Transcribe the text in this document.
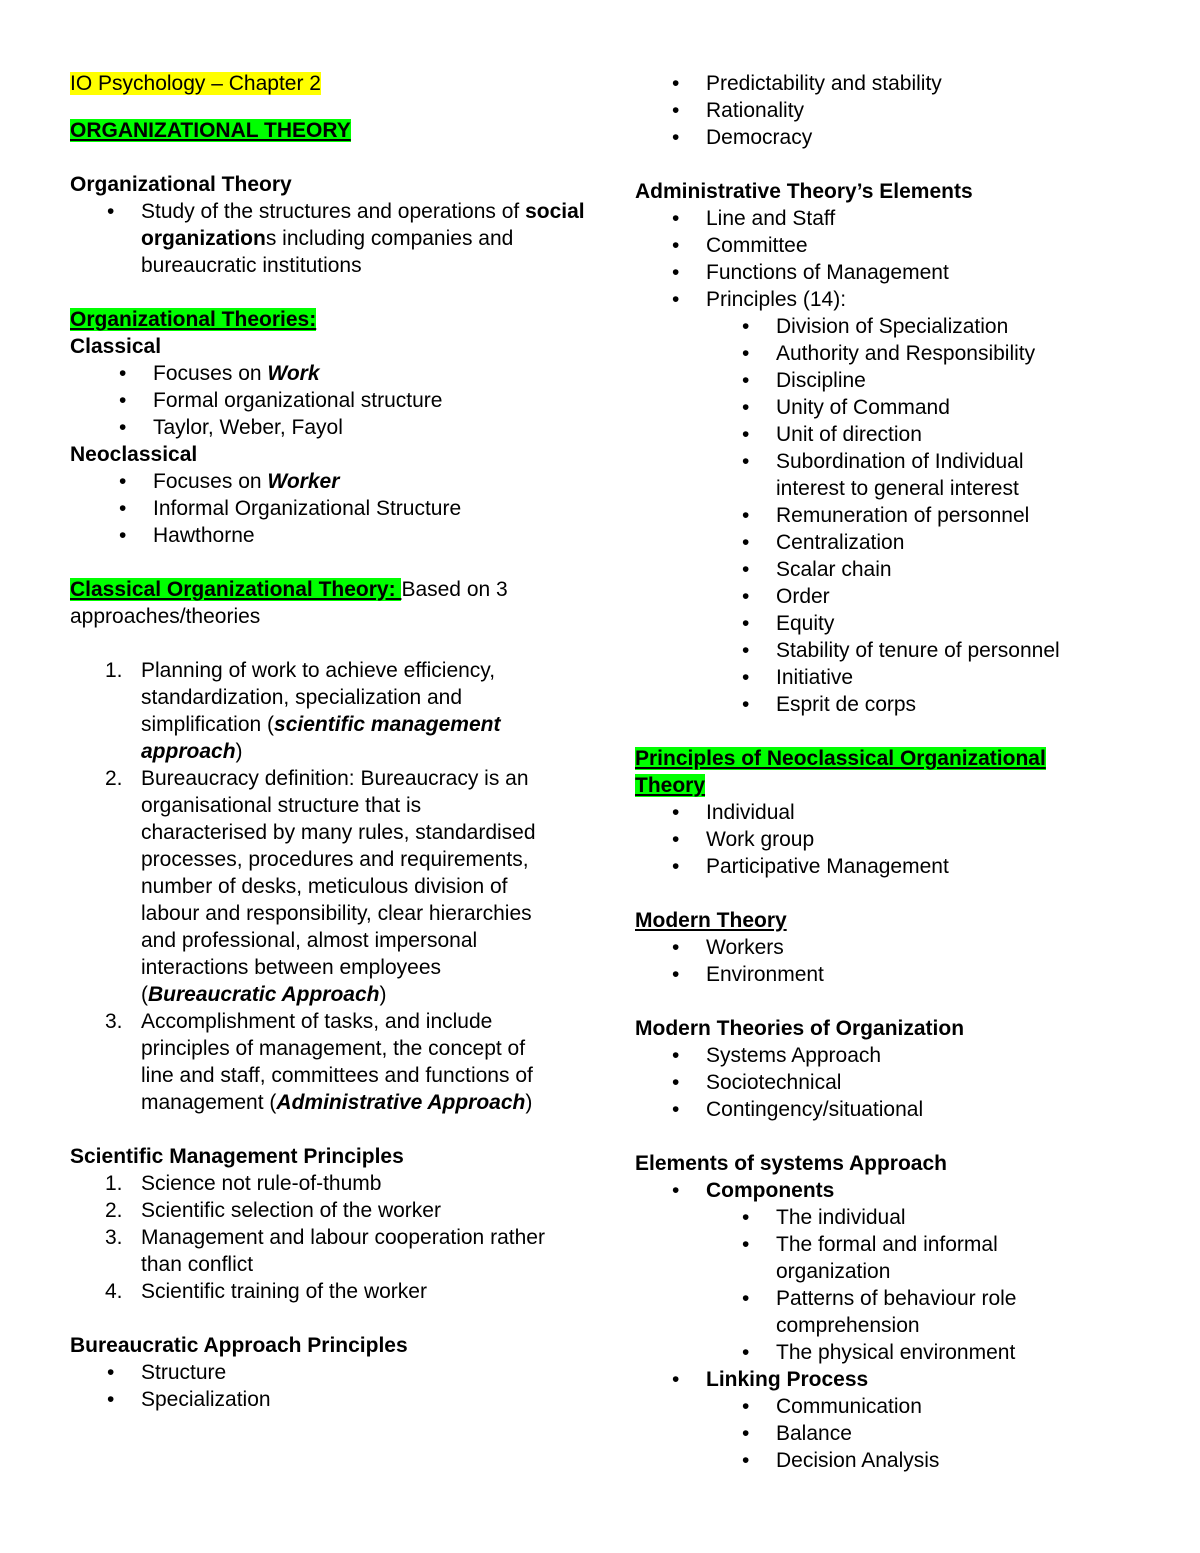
IO Psychology – Chapter 2
ORGANIZATIONAL THEORY
Organizational Theory
• Study of the structures and operations of social organizations including companies and bureaucratic institutions
Organizational Theories:
Classical
• Focuses on Work
• Formal organizational structure
• Taylor, Weber, Fayol
Neoclassical
• Focuses on Worker
• Informal Organizational Structure
• Hawthorne
Classical Organizational Theory: Based on 3 approaches/theories
1. Planning of work to achieve efficiency, standardization, specialization and simplification (scientific management approach)
2. Bureaucracy definition: Bureaucracy is an organisational structure that is characterised by many rules, standardised processes, procedures and requirements, number of desks, meticulous division of labour and responsibility, clear hierarchies and professional, almost impersonal interactions between employees (Bureaucratic Approach)
3. Accomplishment of tasks, and include principles of management, the concept of line and staff, committees and functions of management (Administrative Approach)
Scientific Management Principles
1. Science not rule-of-thumb
2. Scientific selection of the worker
3. Management and labour cooperation rather than conflict
4. Scientific training of the worker
Bureaucratic Approach Principles
• Structure
• Specialization
• Predictability and stability
• Rationality
• Democracy
Administrative Theory’s Elements
• Line and Staff
• Committee
• Functions of Management
• Principles (14):
• Division of Specialization
• Authority and Responsibility
• Discipline
• Unity of Command
• Unit of direction
• Subordination of Individual interest to general interest
• Remuneration of personnel
• Centralization
• Scalar chain
• Order
• Equity
• Stability of tenure of personnel
• Initiative
• Esprit de corps
Principles of Neoclassical Organizational Theory
• Individual
• Work group
• Participative Management
Modern Theory
• Workers
• Environment
Modern Theories of Organization
• Systems Approach
• Sociotechnical
• Contingency/situational
Elements of systems Approach
• Components
• The individual
• The formal and informal organization
• Patterns of behaviour role comprehension
• The physical environment
• Linking Process
• Communication
• Balance
• Decision Analysis
